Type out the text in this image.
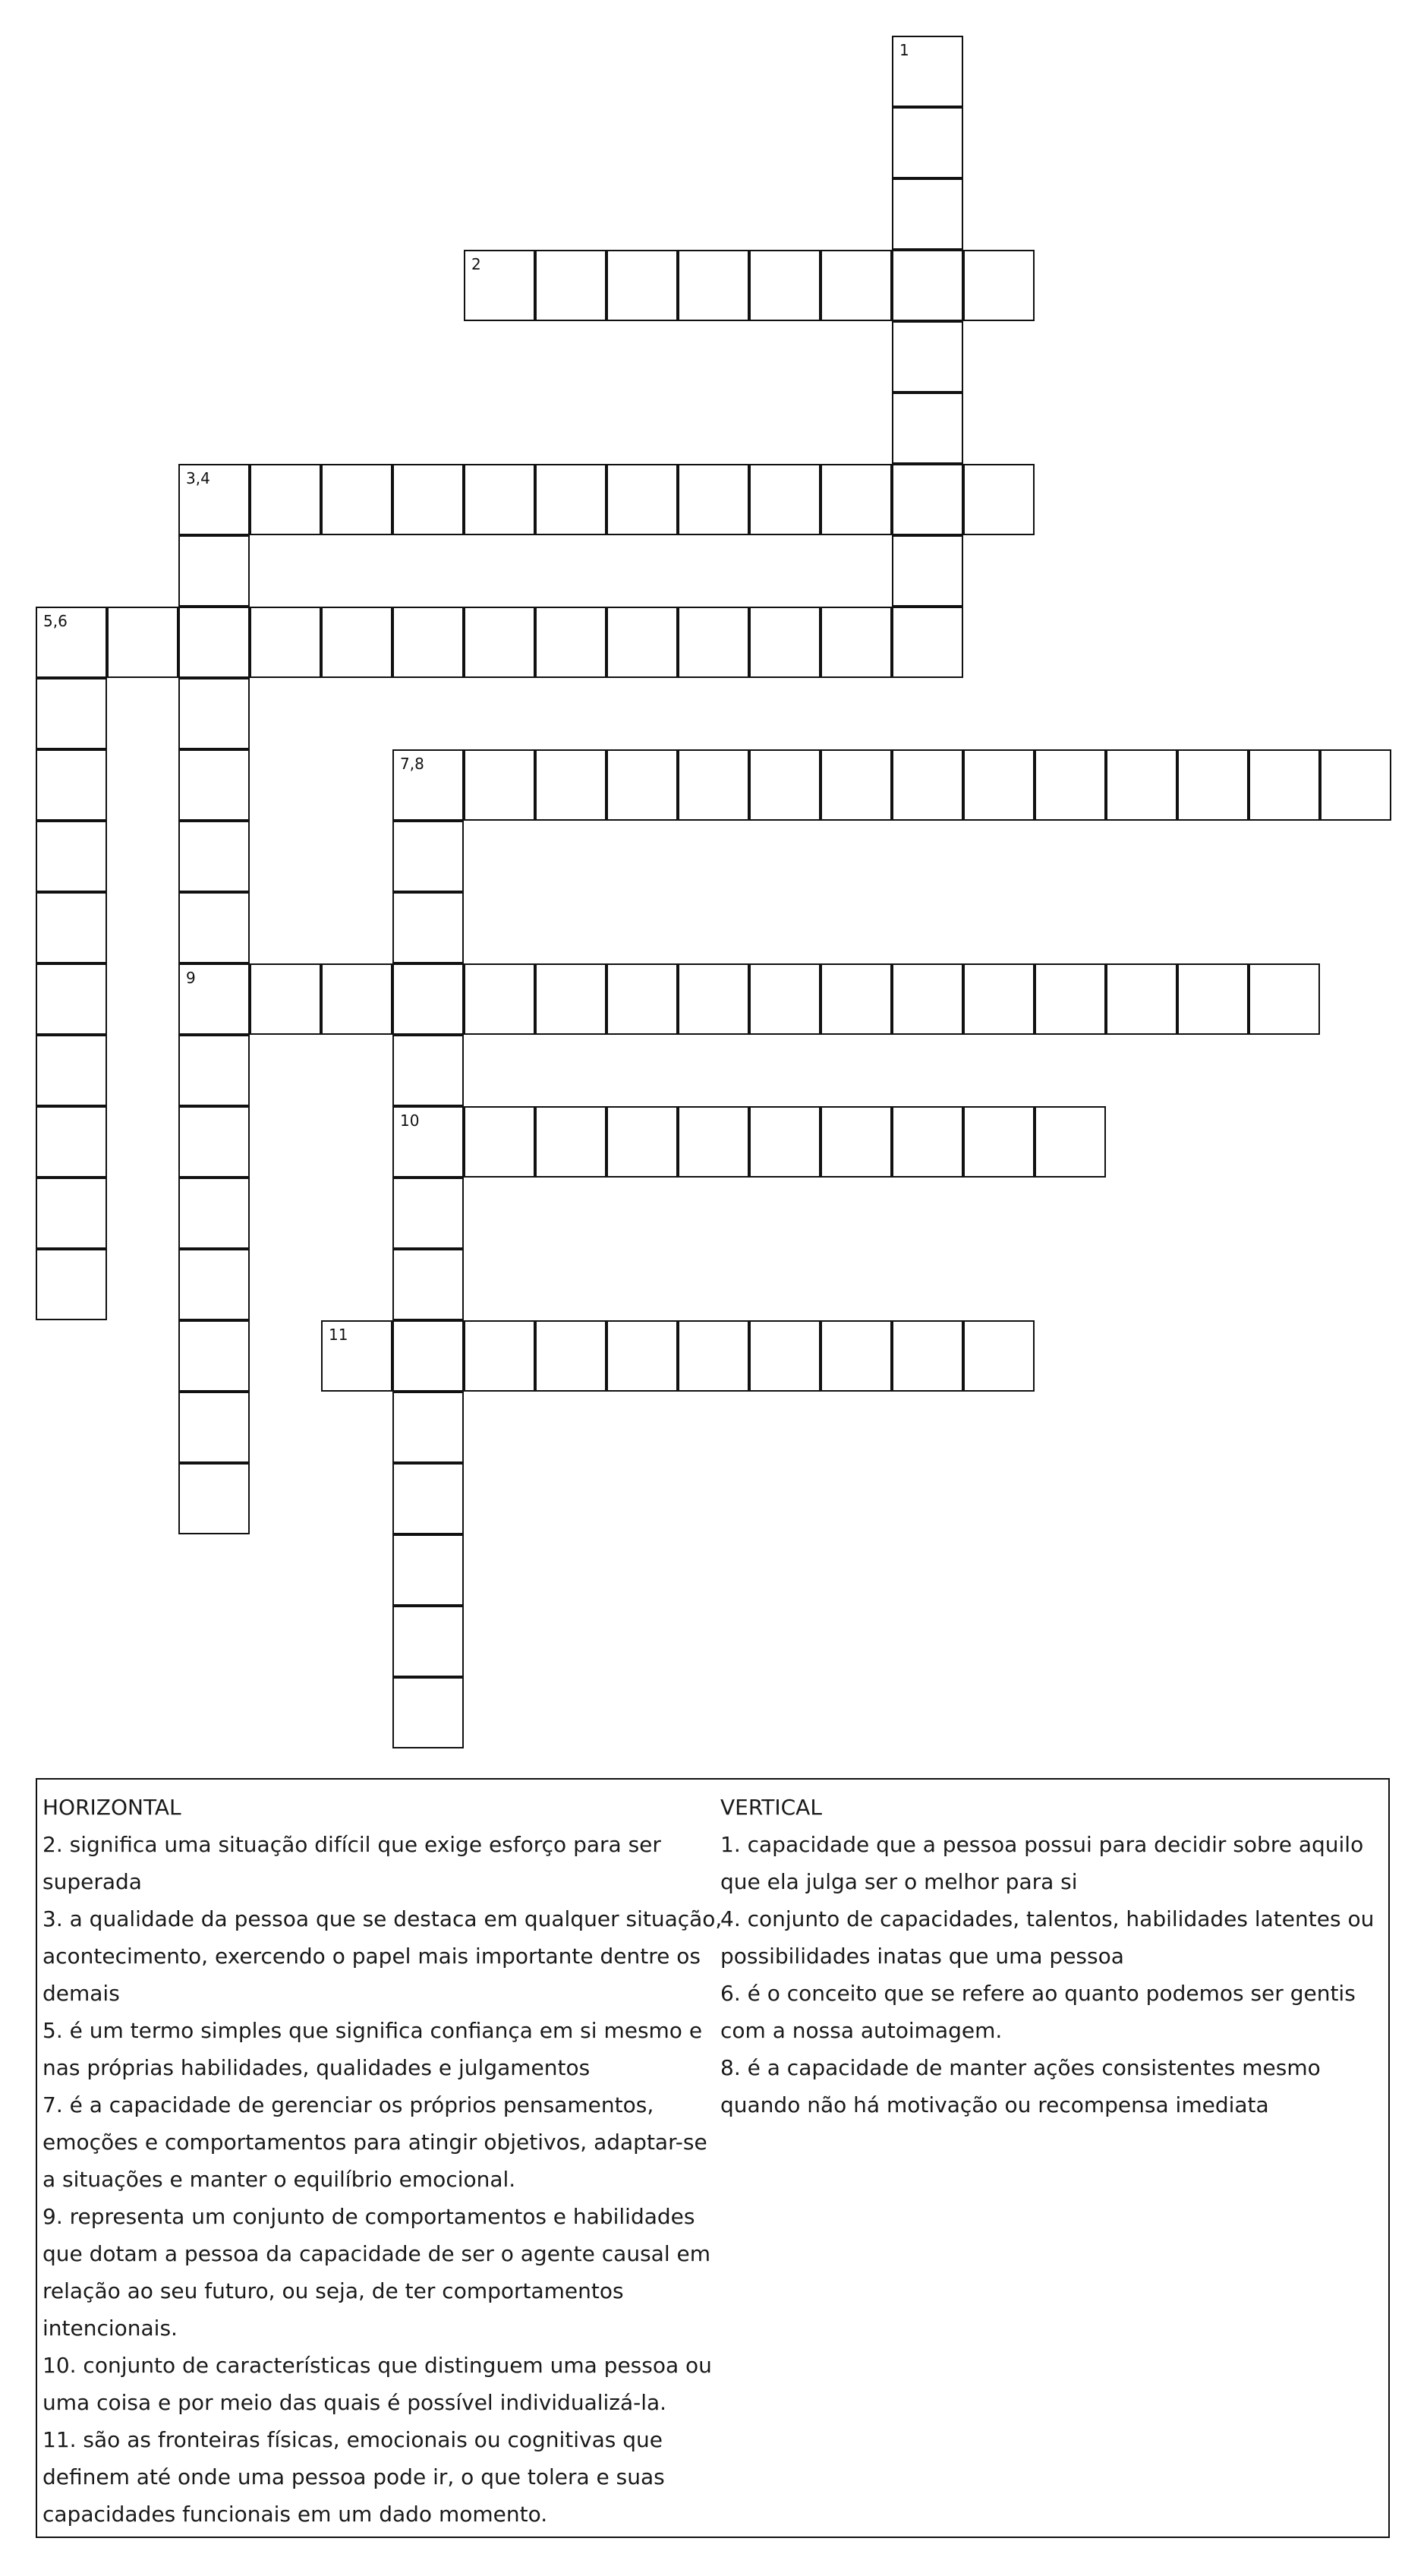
1
2
3,4
9
5,6
7,8
10
11
HORIZONTAL
2. significa uma situação difícil que exige esforço para ser superada
3. a qualidade da pessoa que se destaca em qualquer situação, acontecimento, exercendo o papel mais importante dentre os demais
5. é um termo simples que significa confiança em si mesmo e nas próprias habilidades, qualidades e julgamentos
7. é a capacidade de gerenciar os próprios pensamentos, emoções e comportamentos para atingir objetivos, adaptar-se a situações e manter o equilíbrio emocional.
9. representa um conjunto de comportamentos e habilidades que dotam a pessoa da capacidade de ser o agente causal em relação ao seu futuro, ou seja, de ter comportamentos intencionais.
10. conjunto de características que distinguem uma pessoa ou uma coisa e por meio das quais é possível individualizá-la.
11. são as fronteiras físicas, emocionais ou cognitivas que definem até onde uma pessoa pode ir, o que tolera e suas capacidades funcionais em um dado momento.
VERTICAL
1. capacidade que a pessoa possui para decidir sobre aquilo que ela julga ser o melhor para si
4. conjunto de capacidades, talentos, habilidades latentes ou possibilidades inatas que uma pessoa
6. é o conceito que se refere ao quanto podemos ser gentis com a nossa autoimagem.
8. é a capacidade de manter ações consistentes mesmo quando não há motivação ou recompensa imediata
